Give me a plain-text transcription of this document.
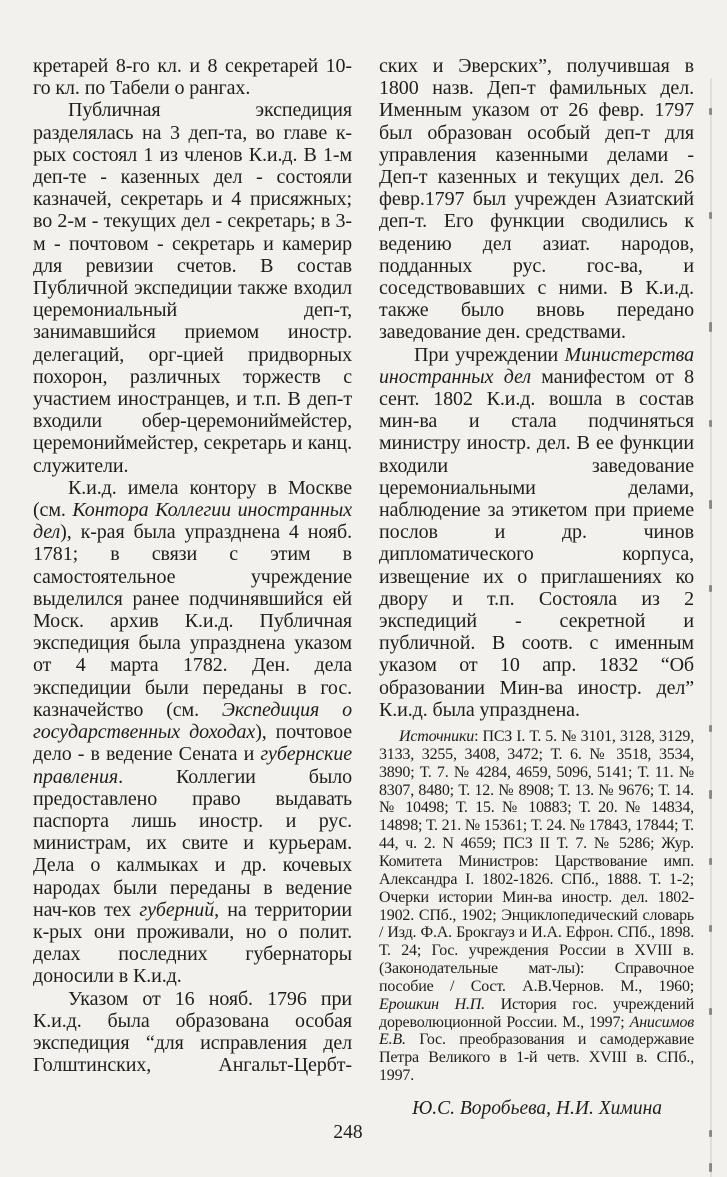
кретарей 8-го кл. и 8 секретарей 10-го кл. по Табели о рангах.

Публичная экспедиция разделялась на 3 деп-та, во главе к-рых состоял 1 из членов К.и.д. В 1-м деп-те - казенных дел - состояли казначей, секретарь и 4 присяжных; во 2-м - текущих дел - секретарь; в 3-м - почтовом - секретарь и камерир для ревизии счетов. В состав Публичной экспедиции также входил церемониальный деп-т, занимавшийся приемом иностр. делегаций, орг-цией придворных похорон, различных торжеств с участием иностранцев, и т.п. В деп-т входили обер-церемониймейстер, церемониймейстер, секретарь и канц. служители.

К.и.д. имела контору в Москве (см. Контора Коллегии иностранных дел), к-рая была упразднена 4 нояб. 1781; в связи с этим в самостоятельное учреждение выделился ранее подчинявшийся ей Моск. архив К.и.д. Публичная экспедиция была упразднена указом от 4 марта 1782. Ден. дела экспедиции были переданы в гос. казначейство (см. Экспедиция о государственных доходах), почтовое дело - в ведение Сената и губернские правления. Коллегии было предоставлено право выдавать паспорта лишь иностр. и рус. министрам, их свите и курьерам. Дела о калмыках и др. кочевых народах были переданы в ведение нач-ков тех губерний, на территории к-рых они проживали, но о полит. делах последних губернаторы доносили в К.и.д.

Указом от 16 нояб. 1796 при К.и.д. была образована особая экспедиция “для исправления дел Голштинских, Ангальт-Цербт-

ских и Эверских”, получившая в 1800 назв. Деп-т фамильных дел. Именным указом от 26 февр. 1797 был образован особый деп-т для управления казенными делами - Деп-т казенных и текущих дел. 26 февр.1797 был учрежден Азиатский деп-т. Его функции сводились к ведению дел азиат. народов, подданных рус. гос-ва, и соседствовавших с ними. В К.и.д. также было вновь передано заведование ден. средствами.

При учреждении Министерства иностранных дел манифестом от 8 сент. 1802 К.и.д. вошла в состав мин-ва и стала подчиняться министру иностр. дел. В ее функции входили заведование церемониальными делами, наблюдение за этикетом при приеме послов и др. чинов дипломатического корпуса, извещение их о приглашениях ко двору и т.п. Состояла из 2 экспедиций - секретной и публичной. В соотв. с именным указом от 10 апр. 1832 “Об образовании Мин-ва иностр. дел” К.и.д. была упразднена.

Источники: ПСЗ I. Т. 5. № 3101, 3128, 3129, 3133, 3255, 3408, 3472; Т. 6. № 3518, 3534, 3890; Т. 7. № 4284, 4659, 5096, 5141; Т. 11. № 8307, 8480; Т. 12. № 8908; Т. 13. № 9676; Т. 14. № 10498; Т. 15. № 10883; Т. 20. № 14834, 14898; Т. 21. № 15361; Т. 24. № 17843, 17844; Т. 44, ч. 2. N 4659; ПСЗ II Т. 7. № 5286; Жур. Комитета Министров: Царствование имп. Александра I. 1802-1826. СПб., 1888. Т. 1-2; Очерки истории Мин-ва иностр. дел. 1802-1902. СПб., 1902; Энциклопедический словарь / Изд. Ф.А. Брокгауз и И.А. Ефрон. СПб., 1898. Т. 24; Гос. учреждения России в XVIII в.(Законодательные мат-лы): Справочное пособие / Сост. А.В.Чернов. М., 1960; Ерошкин Н.П. История гос. учреждений дореволюционной России. М., 1997; Анисимов Е.В. Гос. преобразования и самодержавие Петра Великого в 1-й четв. XVIII в. СПб., 1997.

Ю.С. Воробьева, Н.И. Химина
248
